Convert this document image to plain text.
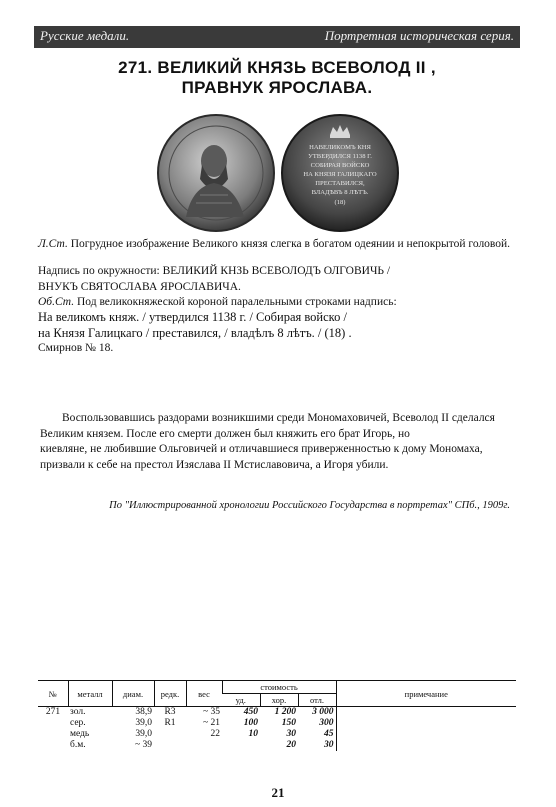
Русские медали.	Портретная историческая серия.
271. ВЕЛИКИЙ КНЯЗЬ ВСЕВОЛОД II ,
ПРАВНУК ЯРОСЛАВА.
НАВЕЛИКОМЪ КНЯ
УТВЕРДИЛСЯ 1138 Г.
СОБИРАЯ ВОЙСКО
НА КНЯЗЯ ГАЛИЦКАГО
ПРЕСТАВИЛСЯ,
ВЛАДѢВЪ 8 ЛѢТЪ.
(18)

Л.Ст. Погрудное изображение Великого князя слегка в богатом одеянии и непокрытой головой.

Надпись по окружности: ВЕЛИКИЙ КНЗЬ ВСЕВОЛОДЪ ОЛГОВИЧЬ /

ВНУКЪ СВЯТОСЛАВА ЯРОСЛАВИЧА.

Об.Ст. Под великокняжеской короной паралельными строками надпись:

На великомъ княж. / утвердился 1138 г. / Собирая войско /

на Князя Галицкаго / преставился, / владѣлъ 8 лѣтъ. / (18) .

Смирнов № 18.

Воспользовавшись раздорами возникшими среди Мономаховичей, Всеволод II сделался

Великим князем. После его смерти должен был княжить его брат Игорь, но

киевляне, не любившие Ольговичей и отличавшиеся приверженностью к дому Мономаха,

призвали к себе на престол Изяслава II Мстиславовича, а Игоря убили.

По "Иллюстрированной хронологии Российского Государства в портретах" СПб., 1909г.
№	металл	диам.	редк.	вес	стоимость			примечание
					уд.	хор.	отл.	
271	зол.	38,9	R3	~ 35	450	1 200	3 000	
	сер.	39,0	R1	~ 21	100	150	300	
	медь	39,0		22	10	30	45	
	б.м.	~ 39				20	30	
21
